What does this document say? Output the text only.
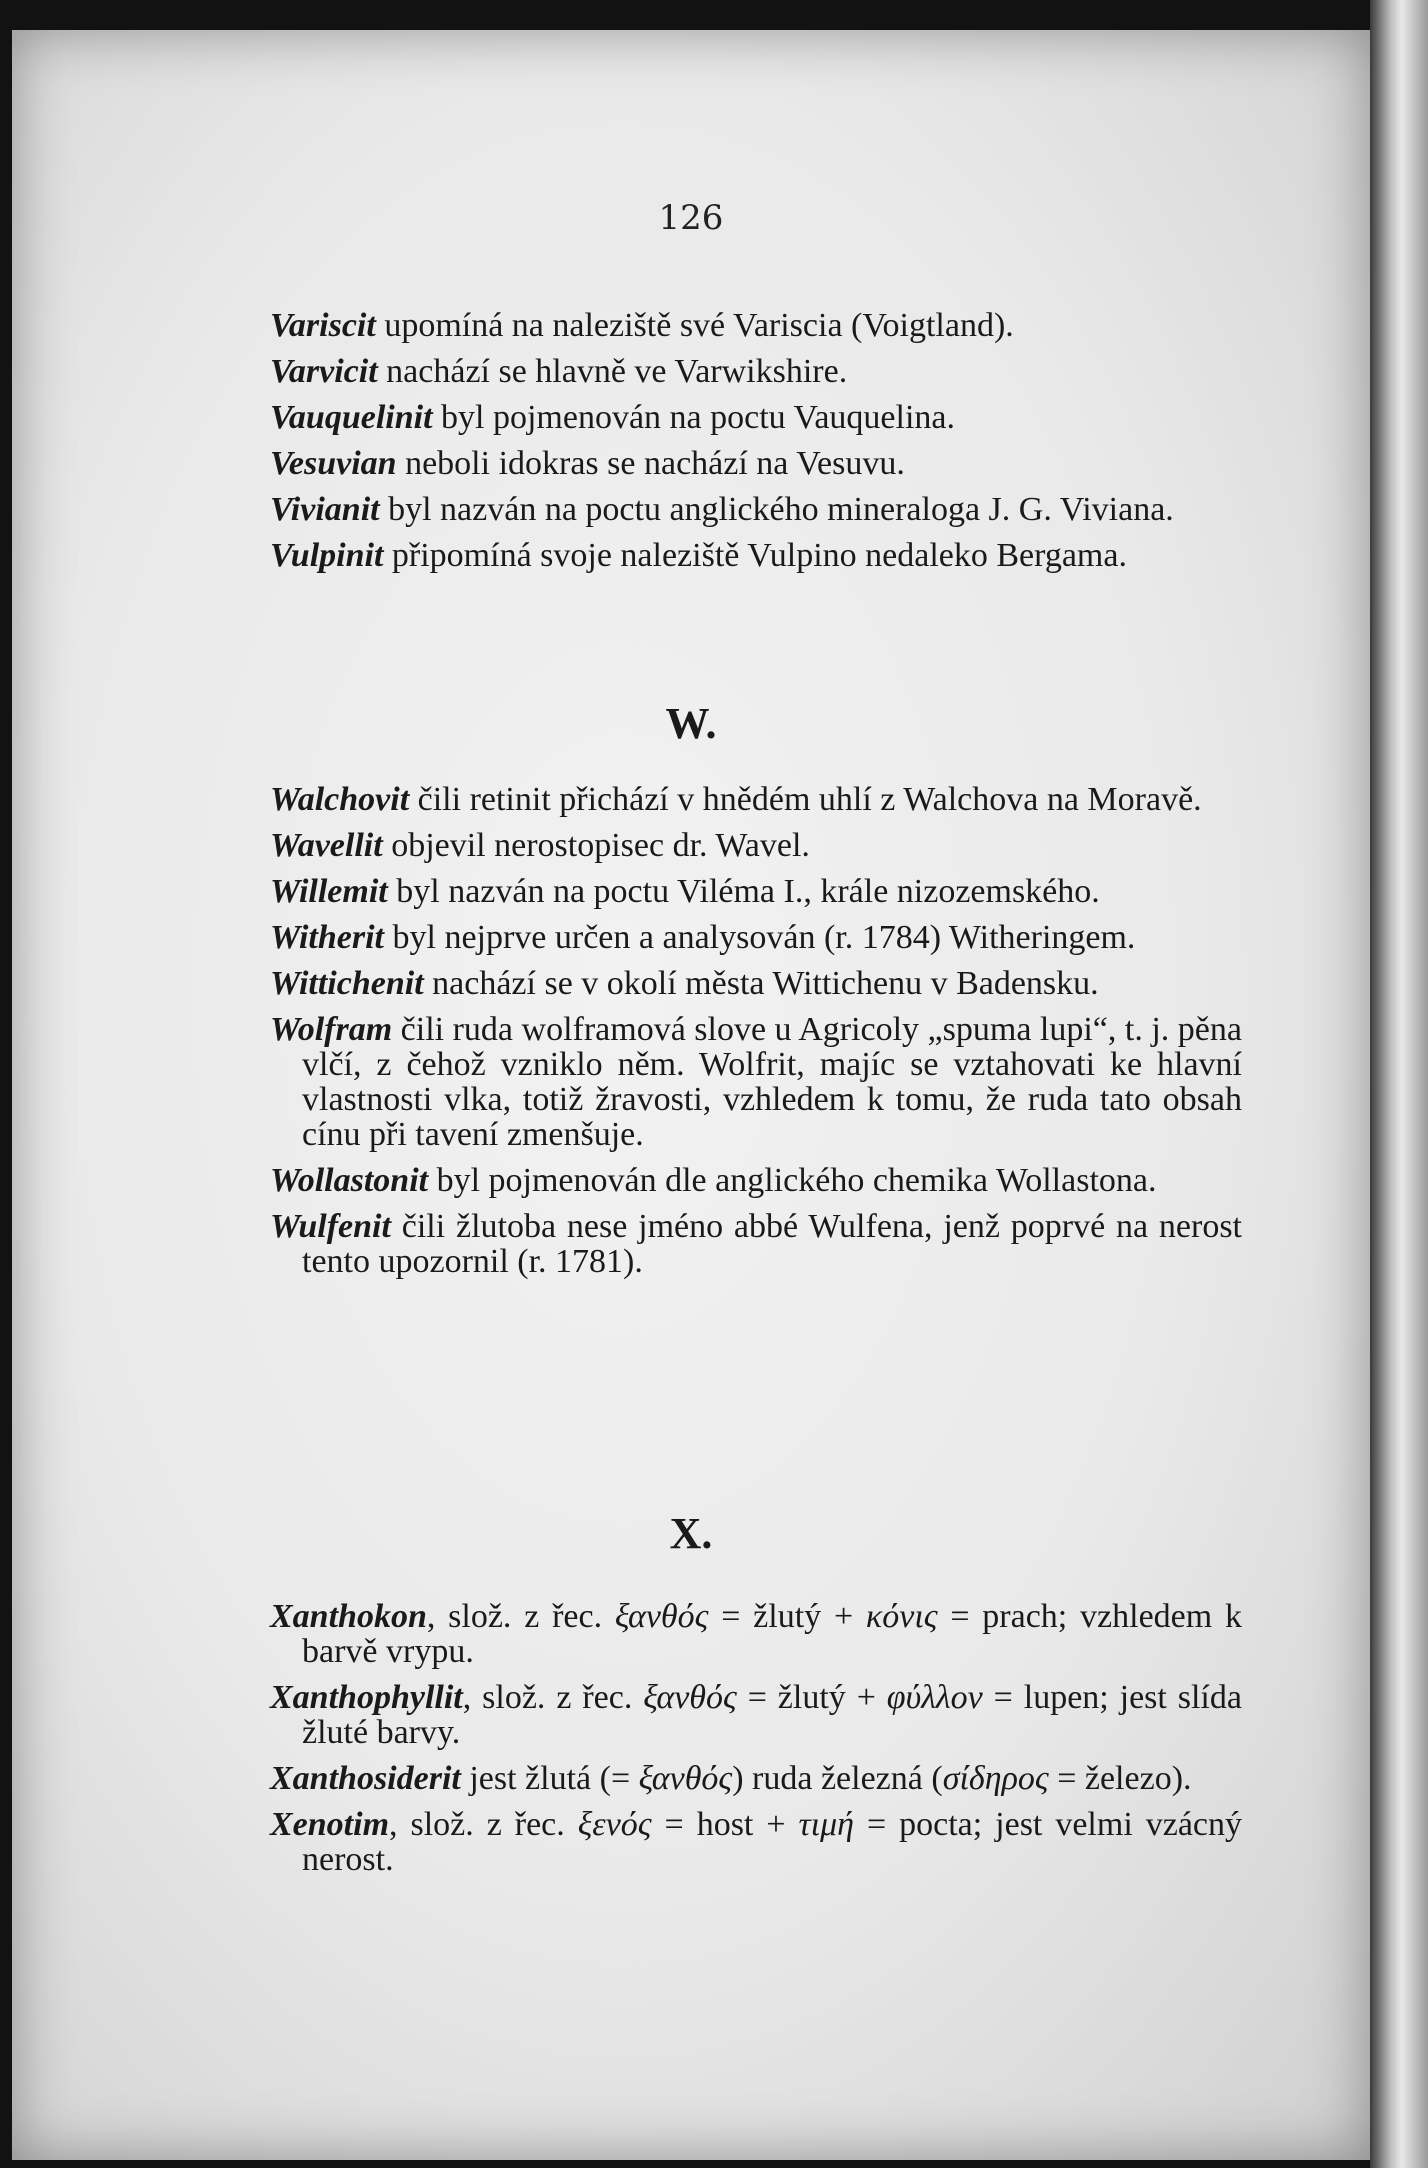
126

Variscit upomíná na naleziště své Variscia (Voigtland).

Varvicit nachází se hlavně ve Varwikshire.

Vauquelinit byl pojmenován na poctu Vauquelina.

Vesuvian neboli idokras se nachází na Vesuvu.

Vivianit byl nazván na poctu anglického mineraloga J. G. Viviana.

Vulpinit připomíná svoje naleziště Vulpino nedaleko Bergama.

W.

Walchovit čili retinit přichází v hnědém uhlí z Walchova na Moravě.

Wavellit objevil nerostopisec dr. Wavel.

Willemit byl nazván na poctu Viléma I., krále nizozemského.

Witherit byl nejprve určen a analysován (r. 1784) Witheringem.

Wittichenit nachází se v okolí města Wittichenu v Badensku.

Wolfram čili ruda wolframová slove u Agricoly „spuma lupi“, t. j. pěna vlčí, z čehož vzniklo něm. Wolfrit, majíc se vztahovati ke hlavní vlastnosti vlka, totiž žravosti, vzhledem k tomu, že ruda tato obsah cínu při tavení zmenšuje.

Wollastonit byl pojmenován dle anglického chemika Wollastona.

Wulfenit čili žlutoba nese jméno abbé Wulfena, jenž poprvé na nerost tento upozornil (r. 1781).

X.

Xanthokon, slož. z řec. ξανθός = žlutý + κόνις = prach; vzhledem k barvě vrypu.

Xanthophyllit, slož. z řec. ξανθός = žlutý + φύλλον = lupen; jest slída žluté barvy.

Xanthosiderit jest žlutá (= ξανθός) ruda železná (σίδηρος = železo).

Xenotim, slož. z řec. ξενός = host + τιμή = pocta; jest velmi vzácný nerost.
